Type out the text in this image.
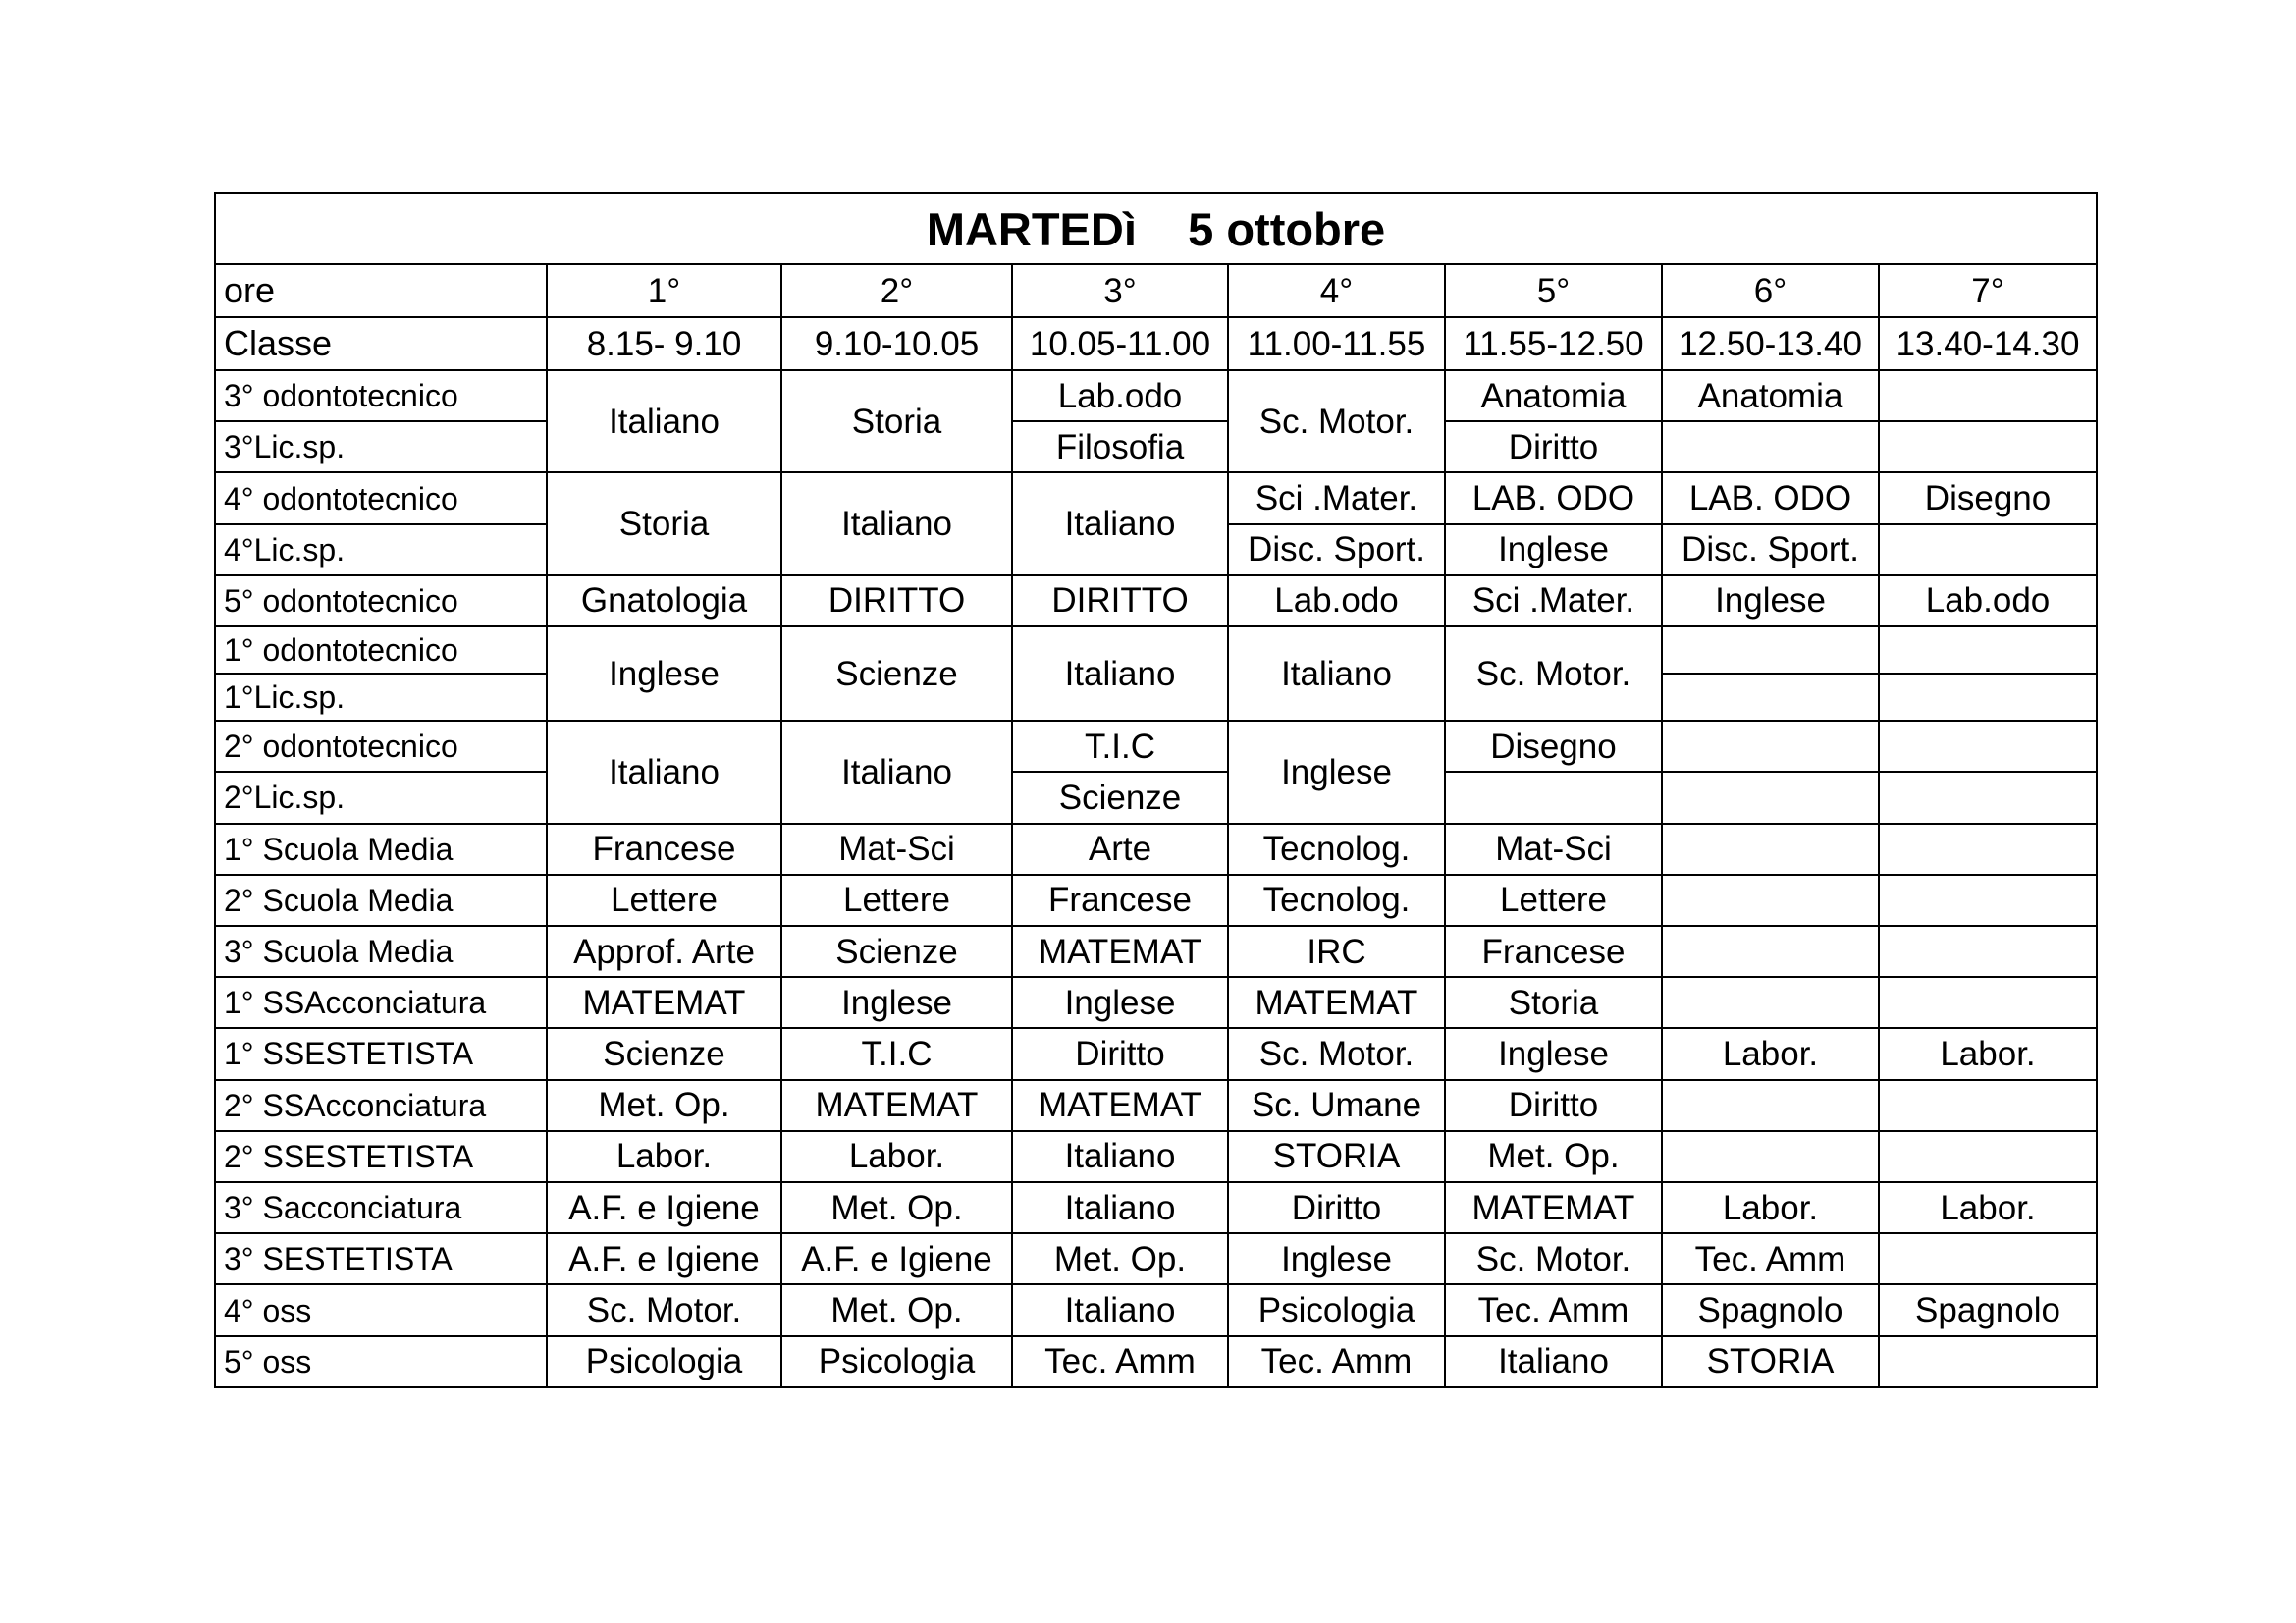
MARTEDì    5 ottobre							
ore	1°	2°	3°	4°	5°	6°	7°
Classe	8.15- 9.10	9.10-10.05	10.05-11.00	11.00-11.55	11.55-12.50	12.50-13.40	13.40-14.30
3° odontotecnico	Italiano	Storia	Lab.odo	Sc. Motor.	Anatomia	Anatomia	
3°Lic.sp.			Filosofia		Diritto		
4° odontotecnico	Storia	Italiano	Italiano	Sci .Mater.	LAB. ODO	LAB. ODO	Disegno
4°Lic.sp.				Disc. Sport.	Inglese	Disc. Sport.	
5° odontotecnico	Gnatologia	DIRITTO	DIRITTO	Lab.odo	Sci .Mater.	Inglese	Lab.odo
1° odontotecnico	Inglese	Scienze	Italiano	Italiano	Sc. Motor.		
1°Lic.sp.							
2° odontotecnico	Italiano	Italiano	T.I.C	Inglese	Disegno		
2°Lic.sp.			Scienze				
1° Scuola Media	Francese	Mat-Sci	Arte	Tecnolog.	Mat-Sci		
2° Scuola Media	Lettere	Lettere	Francese	Tecnolog.	Lettere		
3° Scuola Media	Approf. Arte	Scienze	MATEMAT	IRC	Francese		
1° SSAcconciatura	MATEMAT	Inglese	Inglese	MATEMAT	Storia		
1° SSESTETISTA	Scienze	T.I.C	Diritto	Sc. Motor.	Inglese	Labor.	Labor.
2° SSAcconciatura	Met. Op.	MATEMAT	MATEMAT	Sc. Umane	Diritto		
2° SSESTETISTA	Labor.	Labor.	Italiano	STORIA	Met. Op.		
3° Sacconciatura	A.F. e Igiene	Met. Op.	Italiano	Diritto	MATEMAT	Labor.	Labor.
3° SESTETISTA	A.F. e Igiene	A.F. e Igiene	Met. Op.	Inglese	Sc. Motor.	Tec. Amm	
4° oss	Sc. Motor.	Met. Op.	Italiano	Psicologia	Tec. Amm	Spagnolo	Spagnolo
5° oss	Psicologia	Psicologia	Tec. Amm	Tec. Amm	Italiano	STORIA	
